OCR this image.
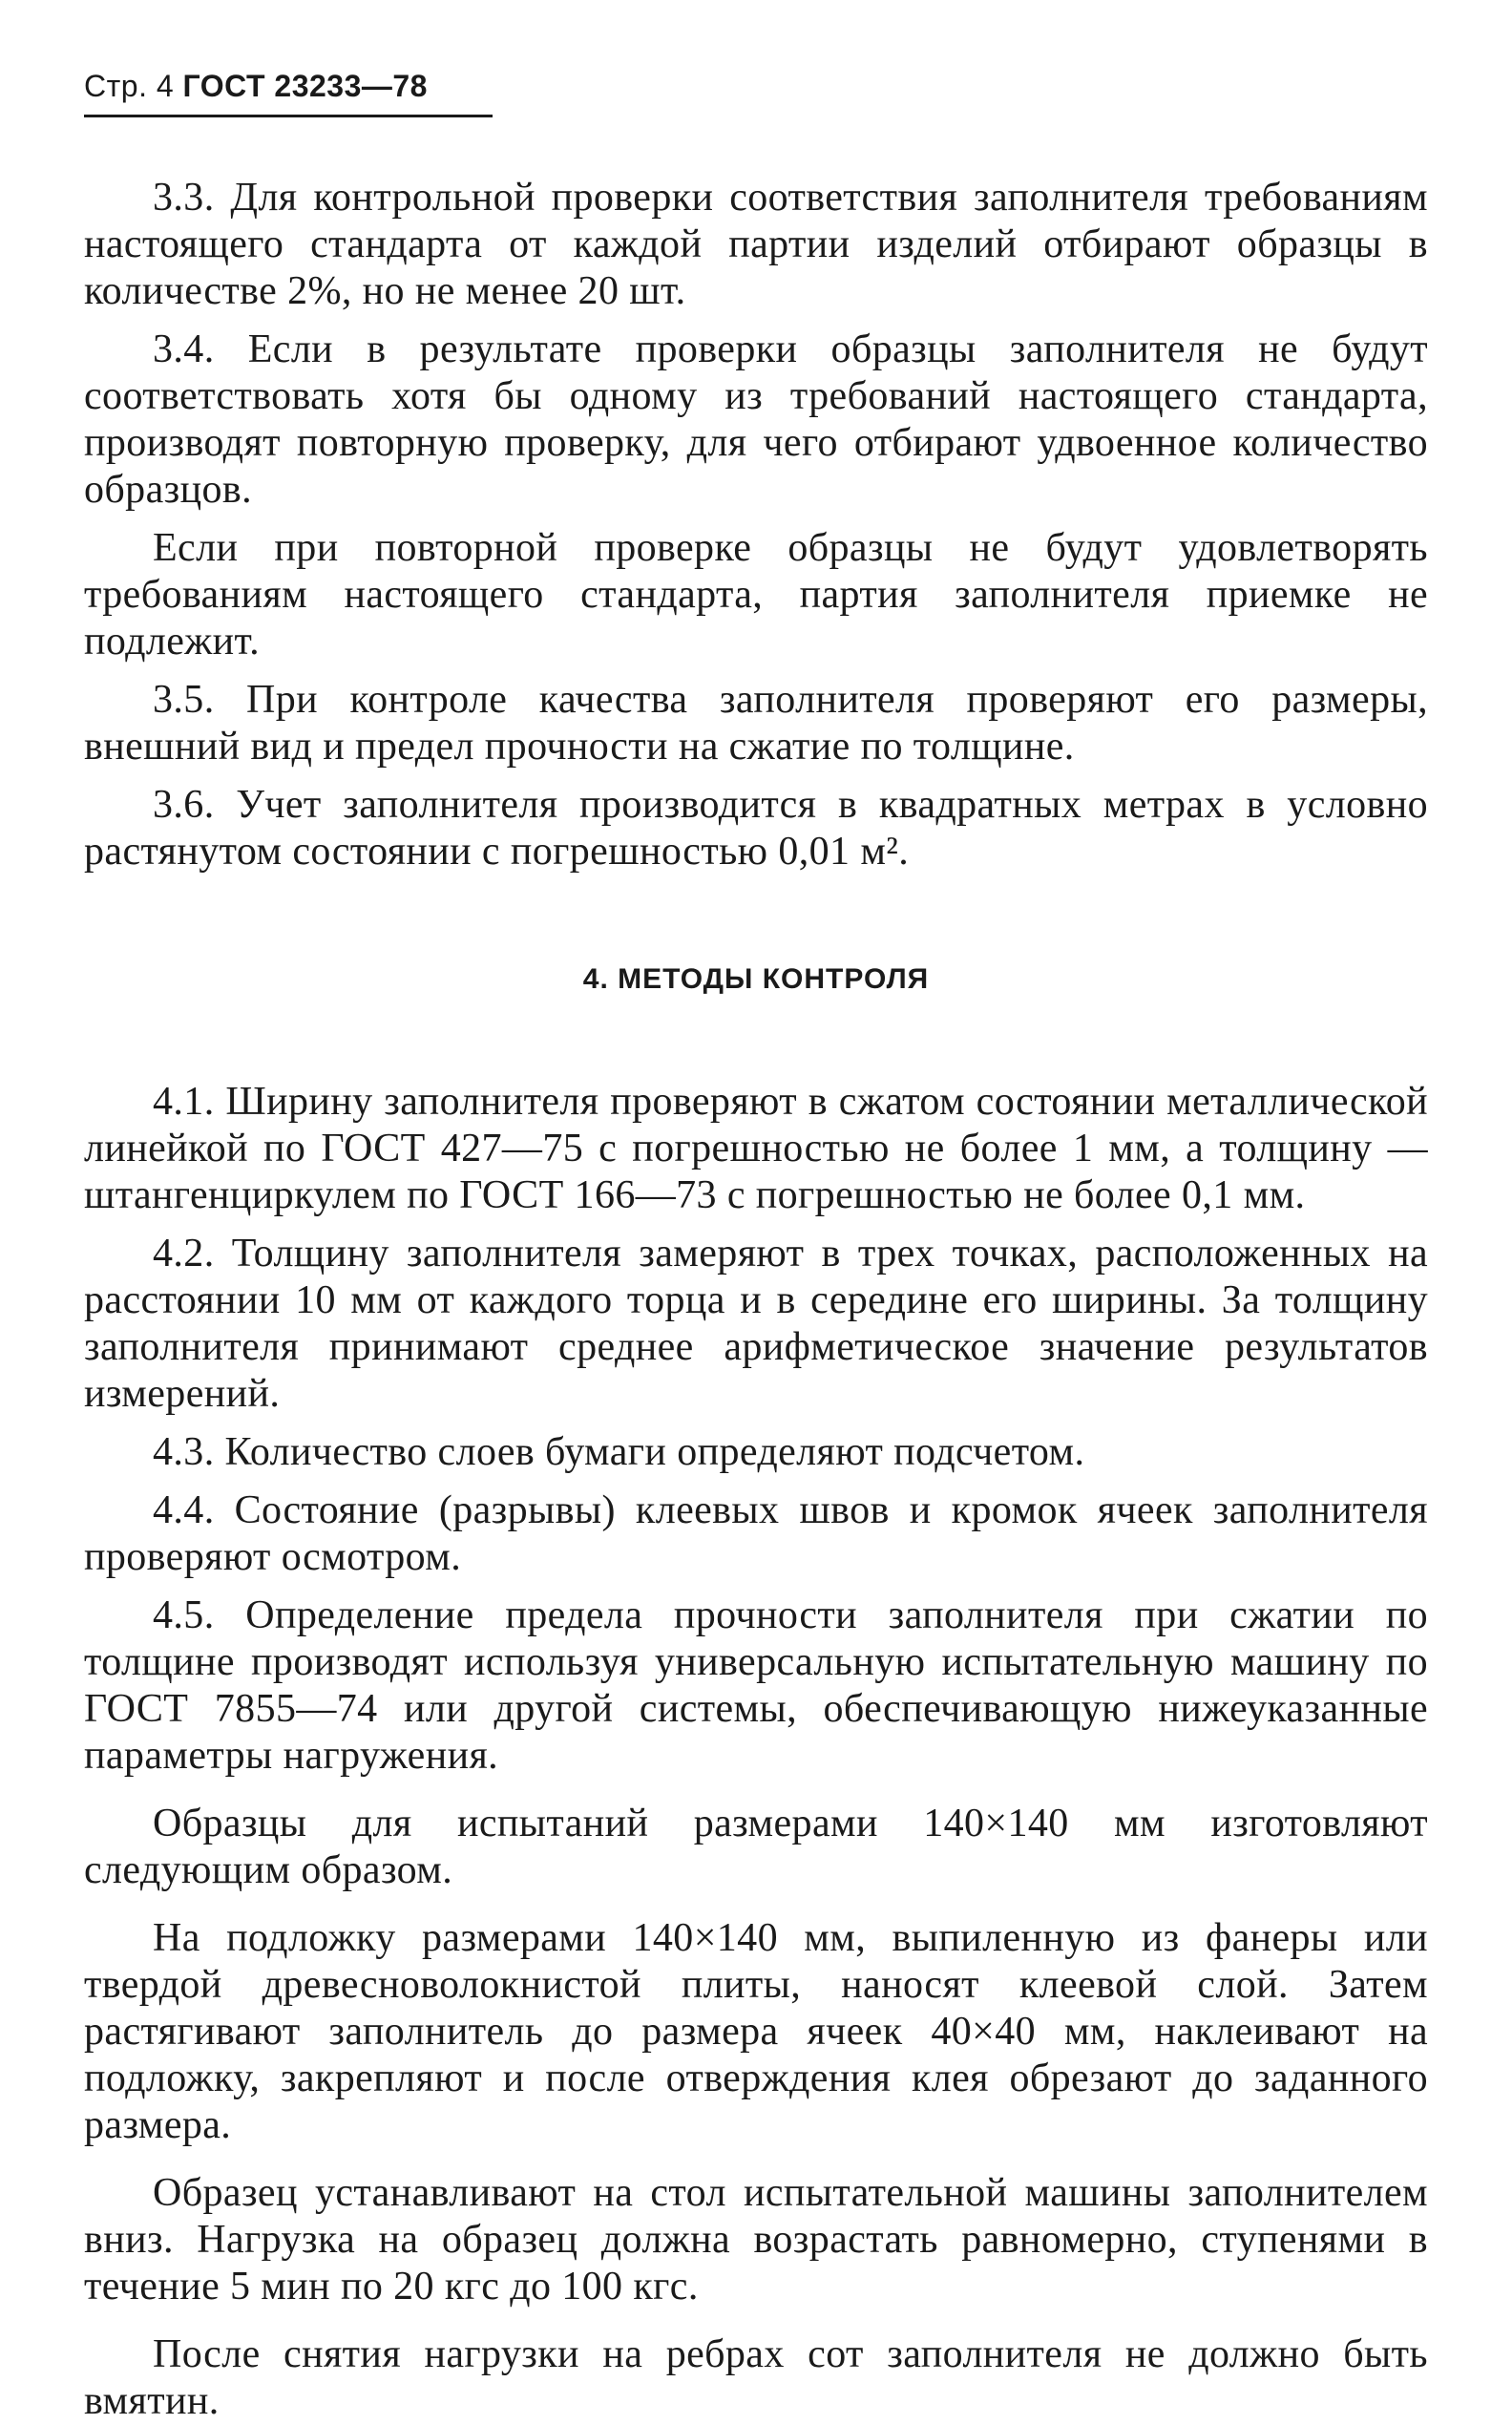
Стр. 4 ГОСТ 23233—78

3.3. Для контрольной проверки соответствия заполнителя требованиям настоящего стандарта от каждой партии изделий отбирают образцы в количестве 2%, но не менее 20 шт.

3.4. Если в результате проверки образцы заполнителя не будут соответствовать хотя бы одному из требований настоящего стандарта, производят повторную проверку, для чего отбирают удвоенное количество образцов.

Если при повторной проверке образцы не будут удовлетворять требованиям настоящего стандарта, партия заполнителя приемке не подлежит.

3.5. При контроле качества заполнителя проверяют его размеры, внешний вид и предел прочности на сжатие по толщине.

3.6. Учет заполнителя производится в квадратных метрах в условно растянутом состоянии с погрешностью 0,01 м².

4. МЕТОДЫ КОНТРОЛЯ

4.1. Ширину заполнителя проверяют в сжатом состоянии металлической линейкой по ГОСТ 427—75 с погрешностью не более 1 мм, а толщину — штангенциркулем по ГОСТ 166—73 с погрешностью не более 0,1 мм.

4.2. Толщину заполнителя замеряют в трех точках, расположенных на расстоянии 10 мм от каждого торца и в середине его ширины. За толщину заполнителя принимают среднее арифметическое значение результатов измерений.

4.3. Количество слоев бумаги определяют подсчетом.

4.4. Состояние (разрывы) клеевых швов и кромок ячеек заполнителя проверяют осмотром.

4.5. Определение предела прочности заполнителя при сжатии по толщине производят используя универсальную испытательную машину по ГОСТ 7855—74 или другой системы, обеспечивающую нижеуказанные параметры нагружения.

Образцы для испытаний размерами 140×140 мм изготовляют следующим образом.

На подложку размерами 140×140 мм, выпиленную из фанеры или твердой древесноволокнистой плиты, наносят клеевой слой. Затем растягивают заполнитель до размера ячеек 40×40 мм, наклеивают на подложку, закрепляют и после отверждения клея обрезают до заданного размера.

Образец устанавливают на стол испытательной машины заполнителем вниз. Нагрузка на образец должна возрастать равномерно, ступенями в течение 5 мин по 20 кгс до 100 кгс.

После снятия нагрузки на ребрах сот заполнителя не должно быть вмятин.
